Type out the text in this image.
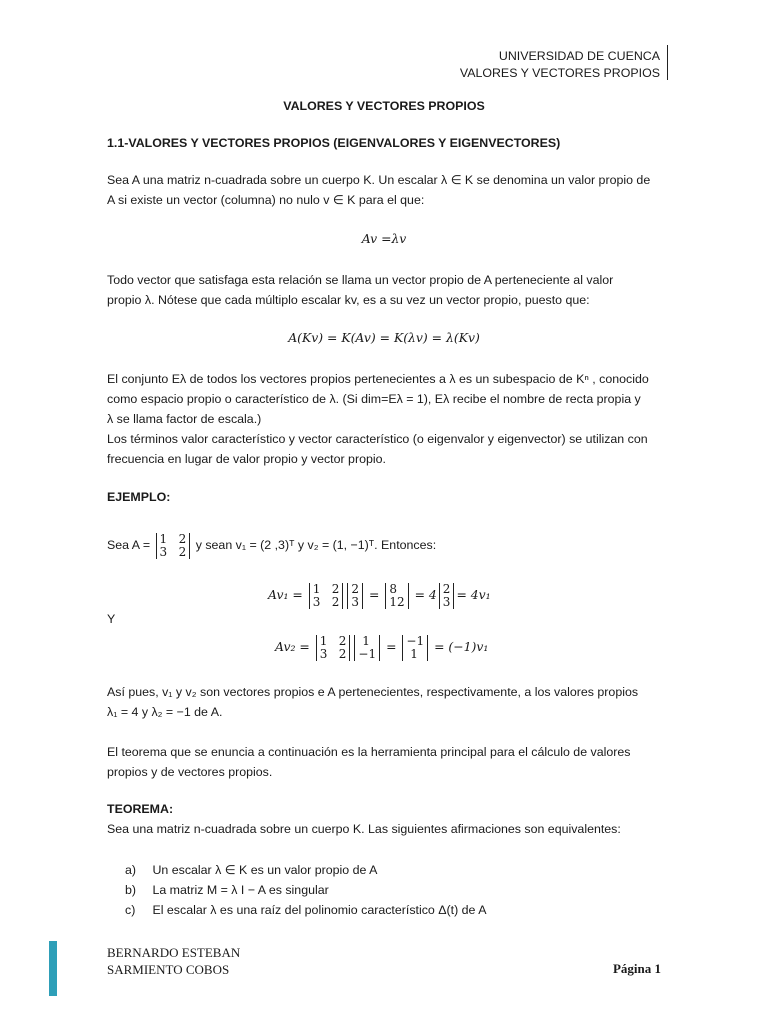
UNIVERSIDAD DE CUENCA
VALORES Y VECTORES PROPIOS
VALORES Y VECTORES PROPIOS
1.1-VALORES Y VECTORES PROPIOS (EIGENVALORES Y EIGENVECTORES)

Sea A una matriz n-cuadrada sobre un cuerpo K. Un escalar λ ∈ K se denomina un valor propio de

A si existe un vector (columna) no nulo v ∈ K para el que:

Av =λv

Todo vector que satisfaga esta relación se llama un vector propio de A perteneciente al valor

propio λ. Nótese que cada múltiplo escalar kv, es a su vez un vector propio, puesto que:

A(Kv) = K(Av) = K(λv) = λ(Kv)

El conjunto Eλ de todos los vectores propios pertenecientes a λ es un subespacio de Kⁿ , conocido

como espacio propio o característico de λ. (Si dim=Eλ = 1), Eλ recibe el nombre de recta propia y

λ se llama factor de escala.)

Los términos valor característico y vector característico (o eigenvalor y eigenvector) se utilizan con

frecuencia en lugar de valor propio y vector propio.

EJEMPLO:
Sea A = 1   2
3   2 y sean v₁ = (2 ,3)ᵀ y v₂ = (1, −1)ᵀ. Entonces:
Av₁ = 1   2
3   2
2
3 = 8
12 = 4 2
3 = 4v₁
Y
Av₂ = 1   2
3   2
1
−1 = −1
1	= (−1)v₁

Así pues, v₁ y v₂ son vectores propios e A pertenecientes, respectivamente, a los valores propios

λ₁ = 4 y λ₂ = −1 de A.

El teorema que se enuncia a continuación es la herramienta principal para el cálculo de valores

propios y de vectores propios.

TEOREMA:
Sea una matriz n-cuadrada sobre un cuerpo K. Las siguientes afirmaciones son equivalentes:
a) Un escalar λ ∈ K es un valor propio de A
b) La matriz M = λ I − A es singular
c) El escalar λ es una raíz del polinomio característico Δ(t) de A
BERNARDO ESTEBAN
SARMIENTO COBOS	Página 1
